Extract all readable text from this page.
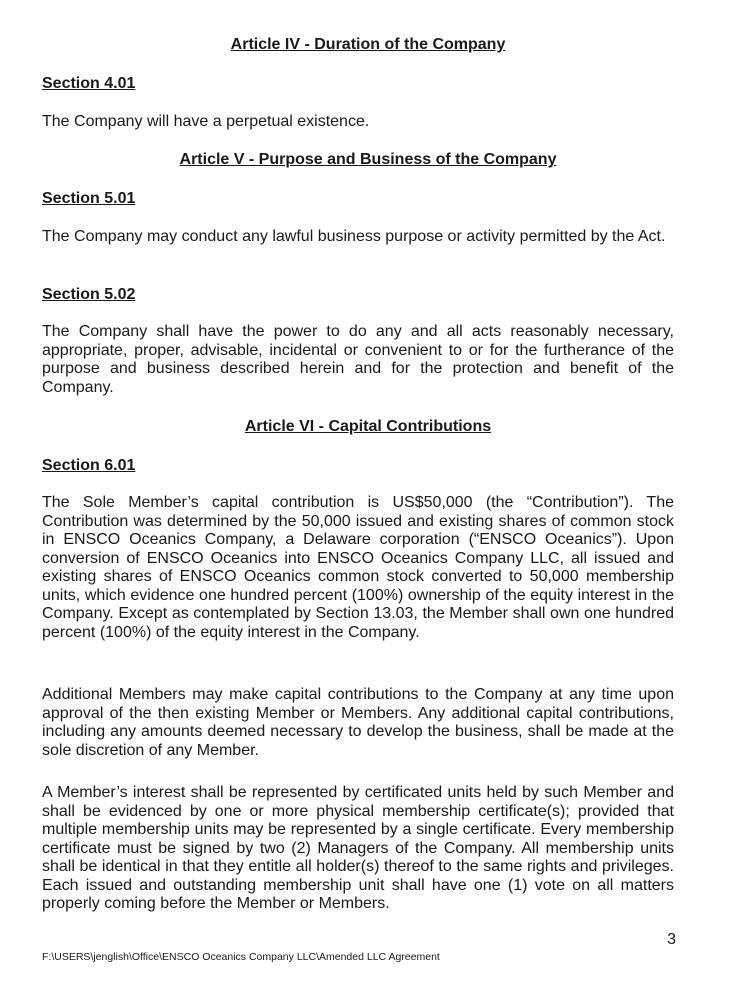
Article IV - Duration of the Company
Section 4.01

The Company will have a perpetual existence.

Article V - Purpose and Business of the Company
Section 5.01

The Company may conduct any lawful business purpose or activity permitted by the Act.

Section 5.02

The Company shall have the power to do any and all acts reasonably necessary, appropriate, proper, advisable, incidental or convenient to or for the furtherance of the purpose and business described herein and for the protection and benefit of the Company.

Article VI - Capital Contributions
Section 6.01

The Sole Member’s capital contribution is US$50,000 (the “Contribution”). The Contribution was determined by the 50,000 issued and existing shares of common stock in ENSCO Oceanics Company, a Delaware corporation (“ENSCO Oceanics”). Upon conversion of ENSCO Oceanics into ENSCO Oceanics Company LLC, all issued and existing shares of ENSCO Oceanics common stock converted to 50,000 membership units, which evidence one hundred percent (100%) ownership of the equity interest in the Company. Except as contemplated by Section 13.03, the Member shall own one hundred percent (100%) of the equity interest in the Company.

Additional Members may make capital contributions to the Company at any time upon approval of the then existing Member or Members. Any additional capital contributions, including any amounts deemed necessary to develop the business, shall be made at the sole discretion of any Member.

A Member’s interest shall be represented by certificated units held by such Member and shall be evidenced by one or more physical membership certificate(s); provided that multiple membership units may be represented by a single certificate. Every membership certificate must be signed by two (2) Managers of the Company. All membership units shall be identical in that they entitle all holder(s) thereof to the same rights and privileges. Each issued and outstanding membership unit shall have one (1) vote on all matters properly coming before the Member or Members.

3
F:\USERS\jenglish\Office\ENSCO Oceanics Company LLC\Amended LLC Agreement
